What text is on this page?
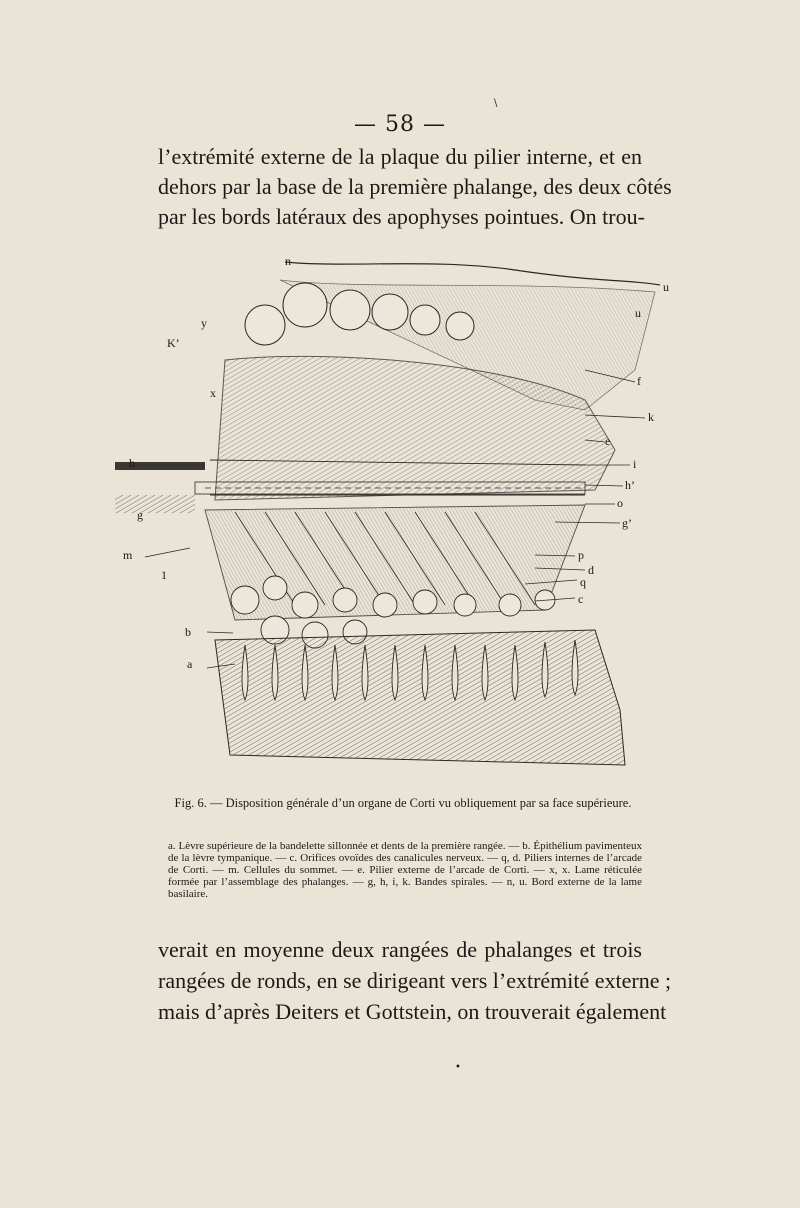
\
— 58 —
l’extrémité externe de la plaque du pilier interne, et en
dehors par la base de la première phalange, des deux côtés
par les bords latéraux des apophyses pointues. On trou-
n
y
K’
x
h
g
m
1
b
a
u
u
f
k
e
i
h’
o
g’
p
d
q
c
Fig. 6. — Disposition générale d’un organe de Corti vu obliquement par sa face supérieure.
a. Lèvre supérieure de la bandelette sillonnée et dents de la première rangée. — b. Épithélium pavimenteux de la lèvre tympanique. — c. Orifices ovoïdes des canalicules nerveux. — q, d. Piliers internes de l’arcade de Corti. — m. Cellules du sommet. — e. Pilier externe de l’arcade de Corti. — x, x. Lame réticulée formée par l’assemblage des phalanges. — g, h, i, k. Bandes spirales. — n, u. Bord externe de la lame basilaire.
verait en moyenne deux rangées de phalanges et trois
rangées de ronds, en se dirigeant vers l’extrémité externe ;
mais d’après Deiters et Gottstein, on trouverait également
•
